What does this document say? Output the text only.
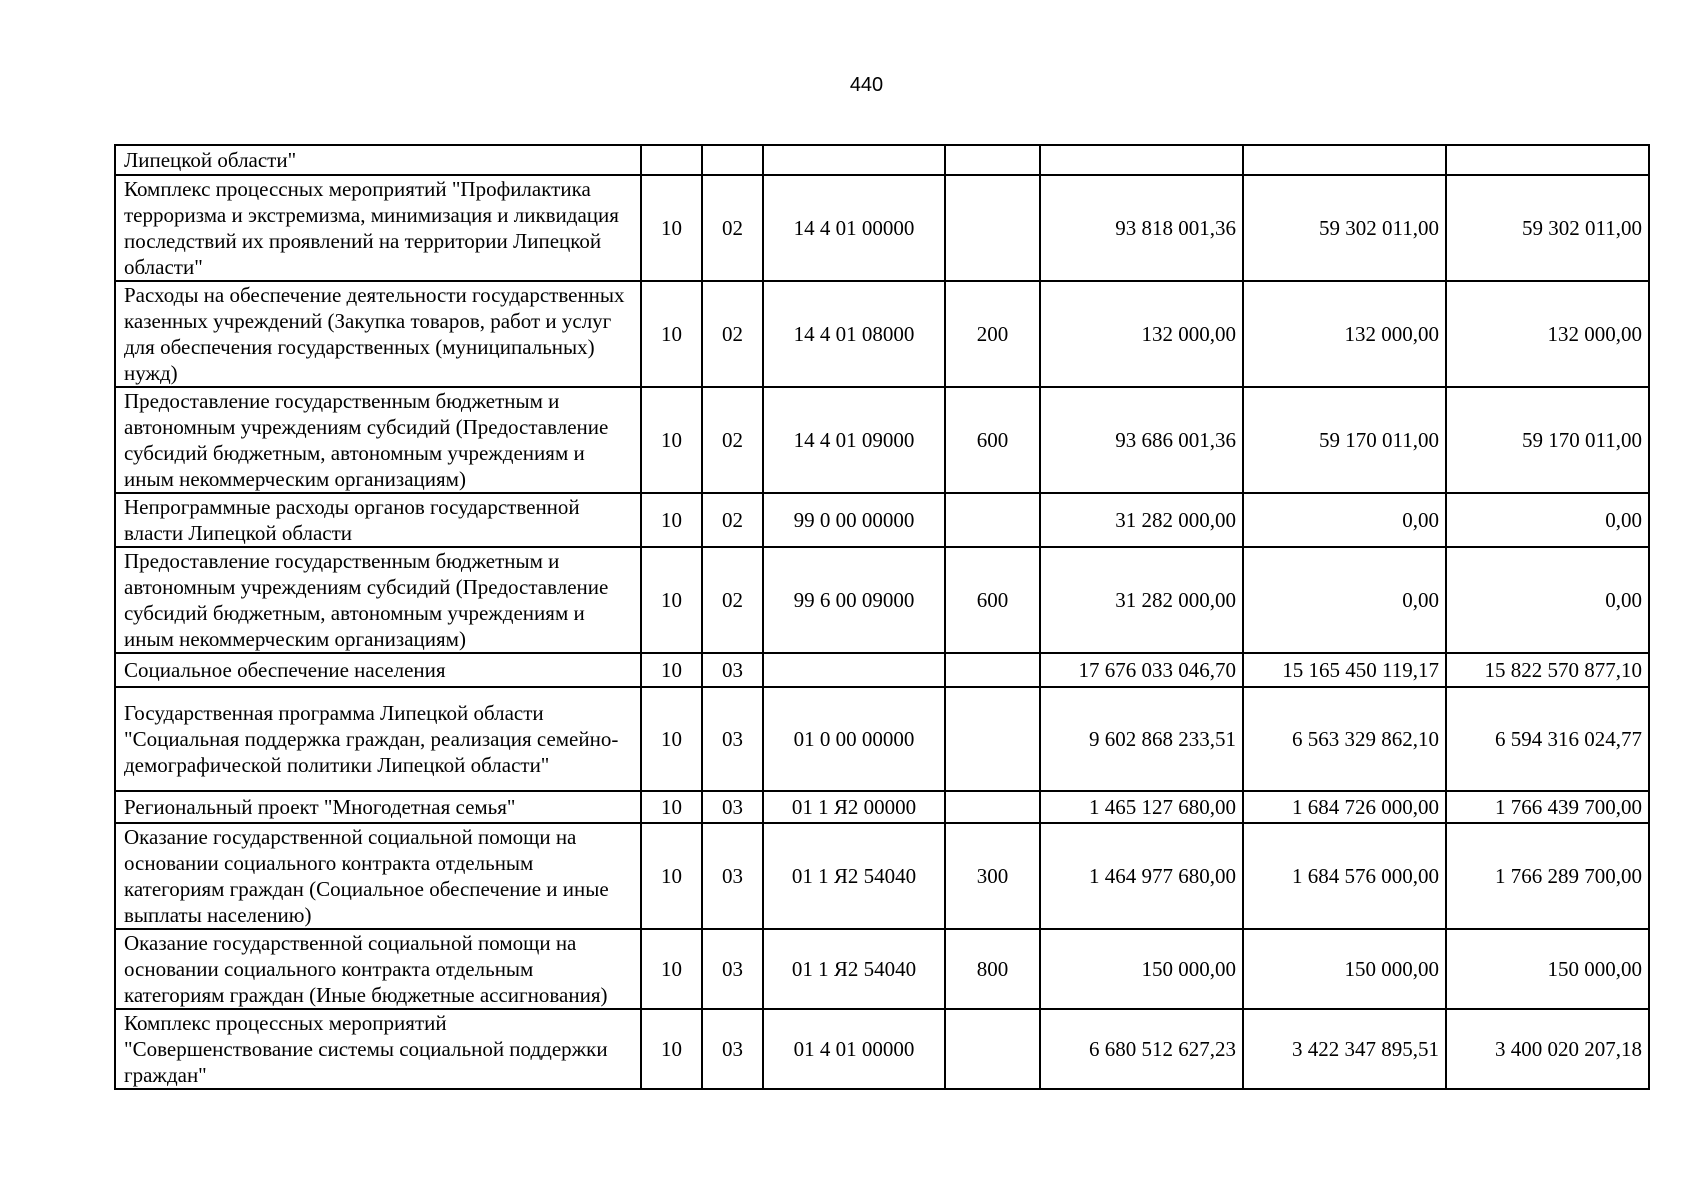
440
Липецкой области"							
Комплекс процессных мероприятий "Профилактика терроризма и экстремизма, минимизация и ликвидация последствий их проявлений на территории Липецкой области"	10	02	14 4 01 00000		93 818 001,36	59 302 011,00	59 302 011,00
Расходы на обеспечение деятельности государственных казенных учреждений (Закупка товаров, работ и услуг для обеспечения государственных (муниципальных) нужд)	10	02	14 4 01 08000	200	132 000,00	132 000,00	132 000,00
Предоставление государственным бюджетным и автономным учреждениям субсидий (Предоставление субсидий бюджетным, автономным учреждениям и иным некоммерческим организациям)	10	02	14 4 01 09000	600	93 686 001,36	59 170 011,00	59 170 011,00
Непрограммные расходы органов государственной власти Липецкой области	10	02	99 0 00 00000		31 282 000,00	0,00	0,00
Предоставление государственным бюджетным и автономным учреждениям субсидий (Предоставление субсидий бюджетным, автономным учреждениям и иным некоммерческим организациям)	10	02	99 6 00 09000	600	31 282 000,00	0,00	0,00
Социальное обеспечение населения	10	03			17 676 033 046,70	15 165 450 119,17	15 822 570 877,10
Государственная программа Липецкой области "Социальная поддержка граждан, реализация семейно-демографической политики Липецкой области"	10	03	01 0 00 00000		9 602 868 233,51	6 563 329 862,10	6 594 316 024,77
Региональный проект "Многодетная семья"	10	03	01 1 Я2 00000		1 465 127 680,00	1 684 726 000,00	1 766 439 700,00
Оказание государственной социальной помощи на основании социального контракта отдельным категориям граждан (Социальное обеспечение и иные выплаты населению)	10	03	01 1 Я2 54040	300	1 464 977 680,00	1 684 576 000,00	1 766 289 700,00
Оказание государственной социальной помощи на основании социального контракта отдельным категориям граждан (Иные бюджетные ассигнования)	10	03	01 1 Я2 54040	800	150 000,00	150 000,00	150 000,00
Комплекс процессных мероприятий "Совершенствование системы социальной поддержки граждан"	10	03	01 4 01 00000		6 680 512 627,23	3 422 347 895,51	3 400 020 207,18
